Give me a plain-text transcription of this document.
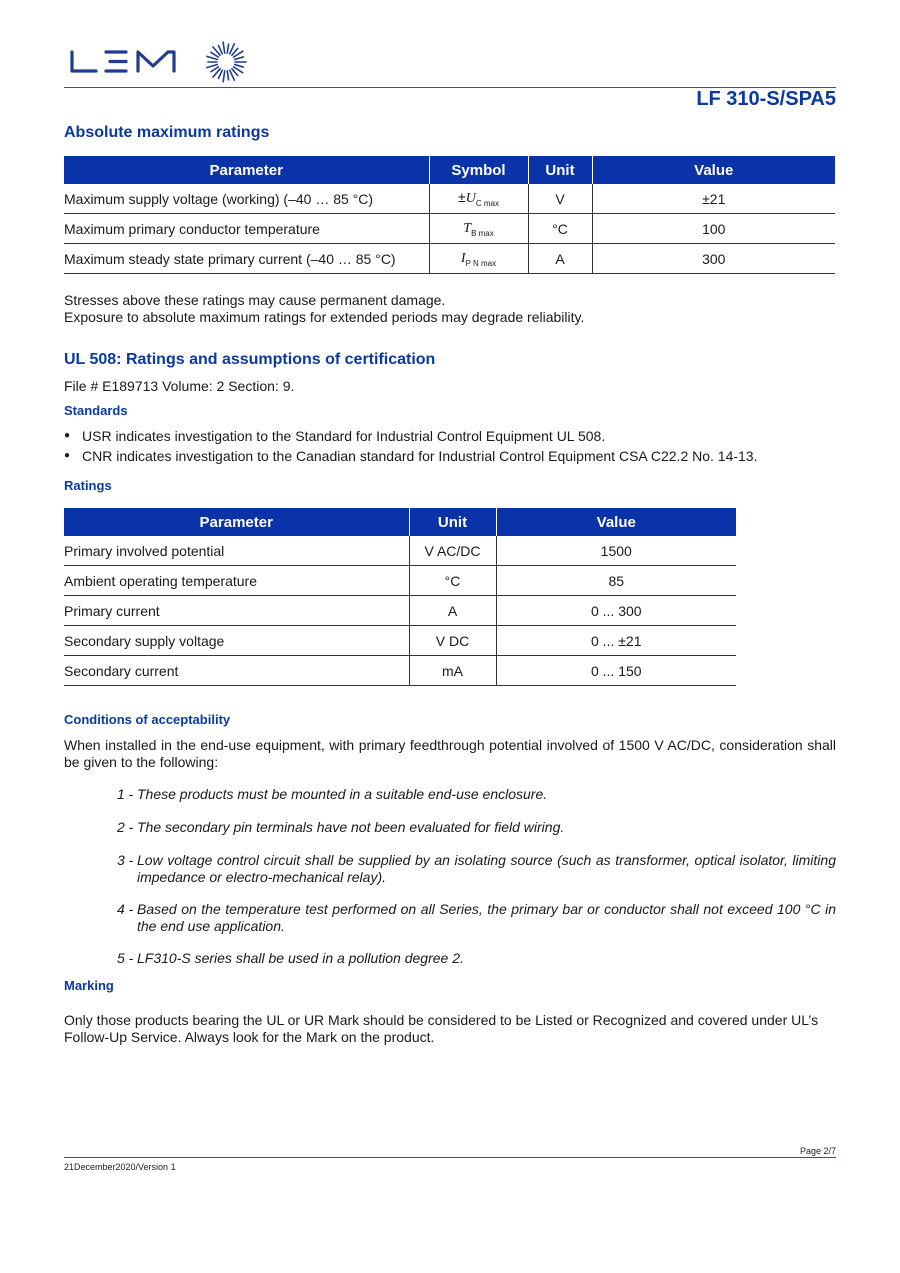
LF 310-S/SPA5
Absolute maximum ratings
Parameter	Symbol	Unit	Value
Maximum supply voltage (working) (–40 … 85 °C)	$\pm U_{C max}$	V	±21
Maximum primary conductor temperature	$T_{B max}$	°C	100
Maximum steady state primary current (–40 … 85 °C)	$I_{P N max}$	A	300
Stresses above these ratings may cause permanent damage.
Exposure to absolute maximum ratings for extended periods may degrade reliability.
UL 508: Ratings and assumptions of certification
File # E189713 Volume: 2 Section: 9.
Standards
● USR indicates investigation to the Standard for Industrial Control Equipment UL 508.
● CNR indicates investigation to the Canadian standard for Industrial Control Equipment CSA C22.2 No. 14-13.
Ratings
Parameter	Unit	Value
Primary involved potential	V AC/DC	1500
Ambient operating temperature	°C	85
Primary current	A	0 ... 300
Secondary supply voltage	V DC	0 ... ±21
Secondary current	mA	0 ... 150
Conditions of acceptability
When installed in the end-use equipment, with primary feedthrough potential involved of 1500 V AC/DC, consideration shall be given to the following:
1 - These products must be mounted in a suitable end-use enclosure.
2 - The secondary pin terminals have not been evaluated for field wiring.
3 - Low voltage control circuit shall be supplied by an isolating source (such as transformer, optical isolator, limiting impedance or electro-mechanical relay).
4 - Based on the temperature test performed on all Series, the primary bar or conductor shall not exceed 100 °C in the end use application.
5 - LF310-S series shall be used in a pollution degree 2.
Marking
Only those products bearing the UL or UR Mark should be considered to be Listed or Recognized and covered under UL’s Follow-Up Service. Always look for the Mark on the product.
Page 2/7
21December2020/Version 1
